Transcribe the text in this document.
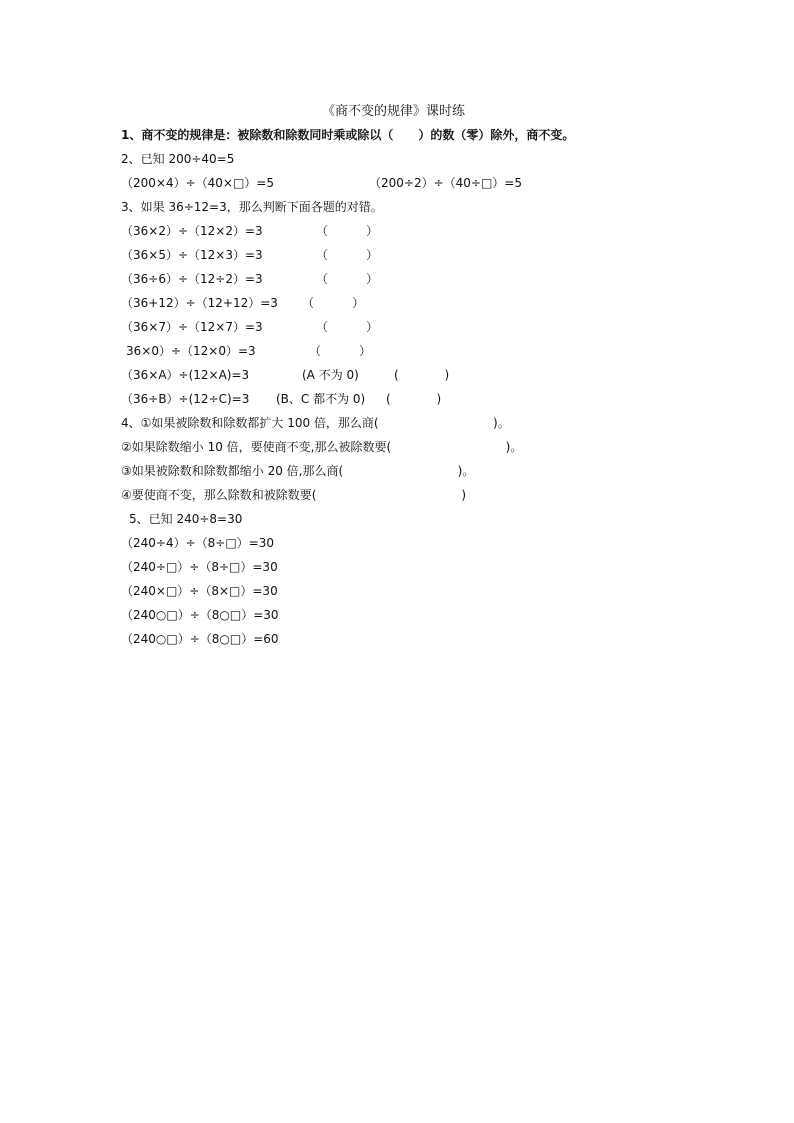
《商不变的规律》课时练
1、商不变的规律是：被除数和除数同时乘或除以（      ）的数（零）除外，商不变。
2、已知 200÷40=5
（200×4）÷（40×□）=5	（200÷2）÷（40÷□）=5
3、如果 36÷12=3，那么判断下面各题的对错。
（36×2）÷（12×2）=3	（          ）
（36×5）÷（12×3）=3	（          ）
（36÷6）÷（12÷2）=3	（          ）
（36+12）÷（12+12）=3 （          ）
（36×7）÷（12×7）=3	（          ）
36×0）÷（12×0）=3	（          ）
（36×A）÷(12×A)=3	(A 不为 0)	(            )
（36÷B）÷(12÷C)=3 (B、C 都不为 0) (            )
4、①如果被除数和除数都扩大 100 倍，那么商(                              )。
②如果除数缩小 10 倍，要使商不变,那么被除数要(                              )。
③如果被除数和除数都缩小 20 倍,那么商(                              )。
④要使商不变，那么除数和被除数要(                                      )
5、已知 240÷8=30
（240÷4）÷（8÷□）=30
（240÷□）÷（8÷□）=30
（240×□）÷（8×□）=30
（240○□）÷（8○□）=30
（240○□）÷（8○□）=60
